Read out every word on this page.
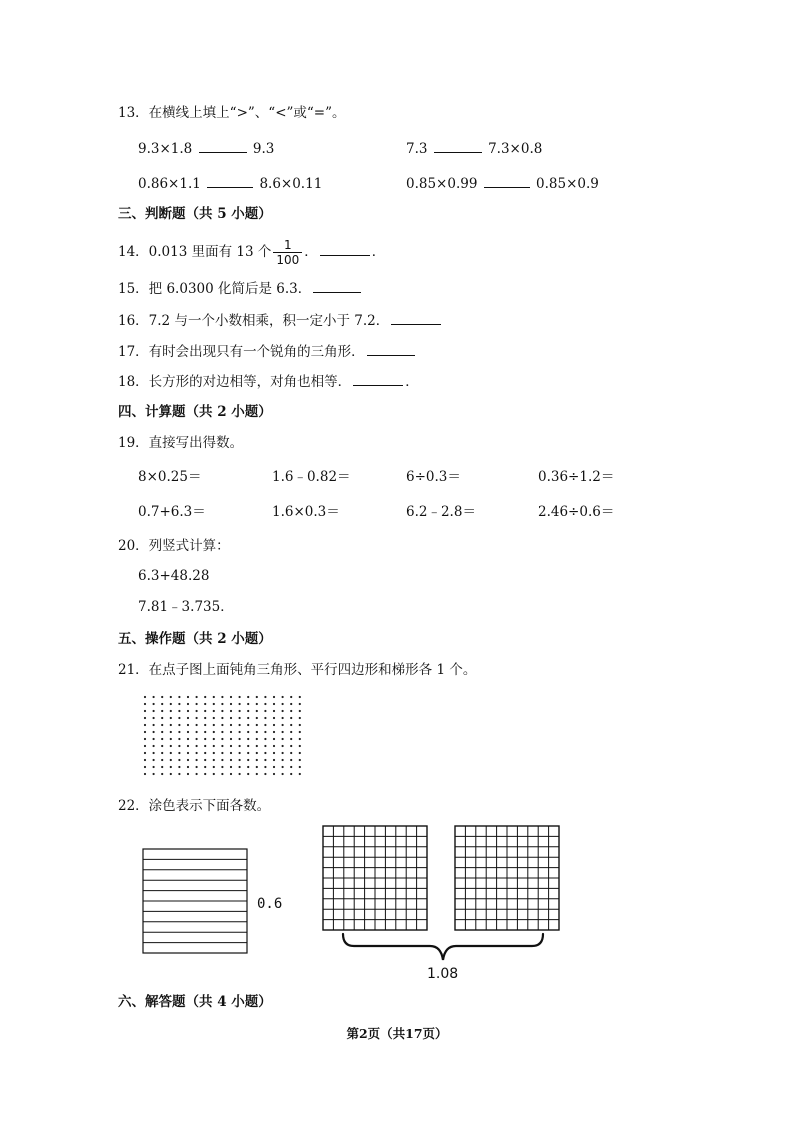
13．在横线上填上“>”、“<”或“=”。
9.3×1.8	9.3	7.3	7.3×0.8
0.86×1.1	8.6×0.11	0.85×0.99	0.85×0.9
三、判断题（共 5 小题）
14．0.013 里面有 13 个 $\frac{1}{100}$ ．	．
15．把 6.0300 化简后是 6.3．
16．7.2 与一个小数相乘，积一定小于 7.2．
17．有时会出现只有一个锐角的三角形．
18．长方形的对边相等，对角也相等．	．
四、计算题（共 2 小题）
19．直接写出得数。
8×0.25＝	1.6﹣0.82＝	6÷0.3＝	0.36÷1.2＝
0.7+6.3＝	1.6×0.3＝	6.2﹣2.8＝	2.46÷0.6＝
20．列竖式计算：
6.3+48.28
7.81﹣3.735．
五、操作题（共 2 小题）
21．在点子图上面钝角三角形、平行四边形和梯形各 1 个。
22．涂色表示下面各数。
0.6
1.08
六、解答题（共 4 小题）
第2页（共17页）
